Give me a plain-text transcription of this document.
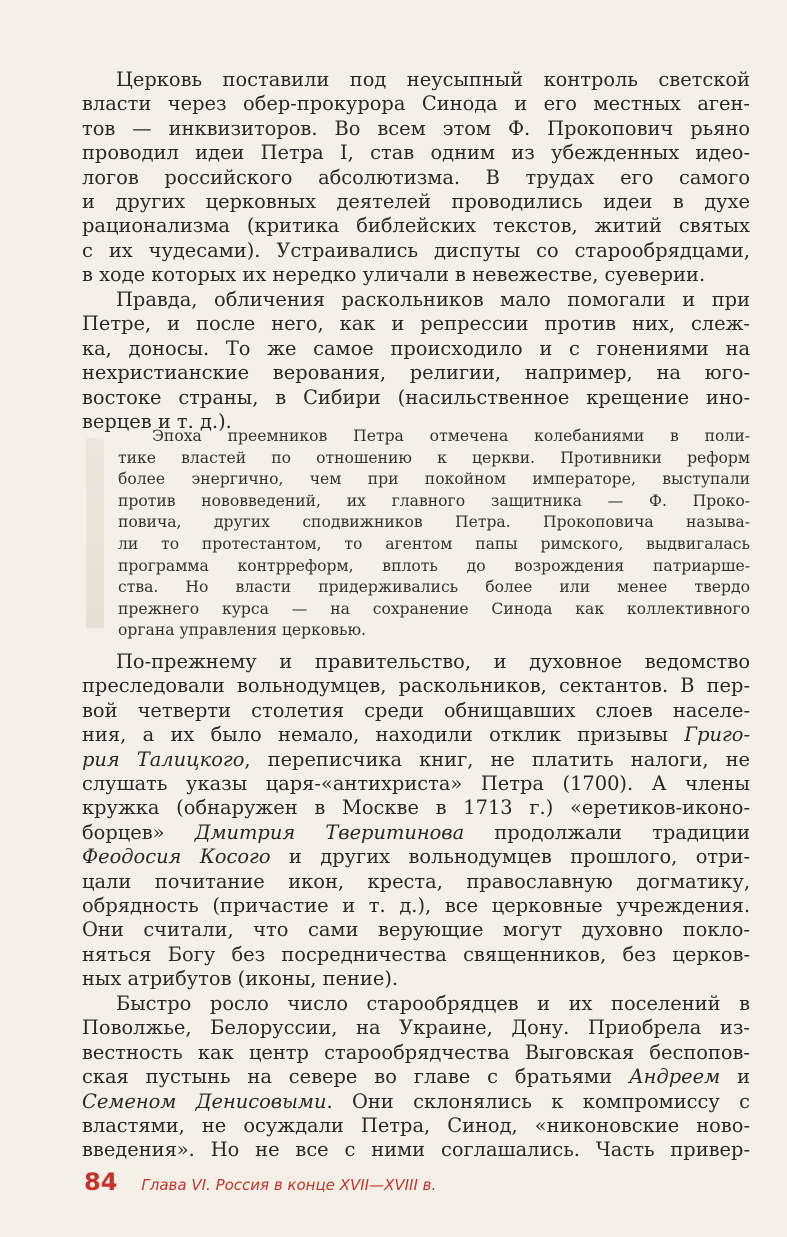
Церковь поставили под неусыпный контроль светской
власти через обер-прокурора Синода и его местных аген-
тов — инквизиторов. Во всем этом Ф. Прокопович рьяно
проводил идеи Петра I, став одним из убежденных идео-
логов российского абсолютизма. В трудах его самого
и других церковных деятелей проводились идеи в духе
рационализма (критика библейских текстов, житий святых
с их чудесами). Устраивались диспуты со старообрядцами,
в ходе которых их нередко уличали в невежестве, суеверии.

Правда, обличения раскольников мало помогали и при
Петре, и после него, как и репрессии против них, слеж-
ка, доносы. То же самое происходило и с гонениями на
нехристианские верования, религии, например, на юго-
востоке страны, в Сибири (насильственное крещение ино-
верцев и т. д.).

Эпоха преемников Петра отмечена колебаниями в поли-
тике властей по отношению к церкви. Противники реформ
более энергично, чем при покойном императоре, выступали
против нововведений, их главного защитника — Ф. Проко-
повича, других сподвижников Петра. Прокоповича называ-
ли то протестантом, то агентом папы римского, выдвигалась
программа контрреформ, вплоть до возрождения патриарше-
ства. Но власти придерживались более или менее твердо
прежнего курса — на сохранение Синода как коллективного
органа управления церковью.

По-прежнему и правительство, и духовное ведомство
преследовали вольнодумцев, раскольников, сектантов. В пер-
вой четверти столетия среди обнищавших слоев населе-
ния, а их было немало, находили отклик призывы Григо-
рия Талицкого, переписчика книг, не платить налоги, не
слушать указы царя-«антихриста» Петра (1700). А члены
кружка (обнаружен в Москве в 1713 г.) «еретиков-иконо-
борцев» Дмитрия Тверитинова продолжали традиции
Феодосия Косого и других вольнодумцев прошлого, отри-
цали почитание икон, креста, православную догматику,
обрядность (причастие и т. д.), все церковные учреждения.
Они считали, что сами верующие могут духовно покло-
няться Богу без посредничества священников, без церков-
ных атрибутов (иконы, пение).

Быстро росло число старообрядцев и их поселений в
Поволжье, Белоруссии, на Украине, Дону. Приобрела из-
вестность как центр старообрядчества Выговская беспопов-
ская пустынь на севере во главе с братьями Андреем и
Семеном Денисовыми. Они склонялись к компромиссу с
властями, не осуждали Петра, Синод, «никоновские ново-
введения». Но не все с ними соглашались. Часть привер-

84 Глава VI. Россия в конце XVII—XVIII в.
